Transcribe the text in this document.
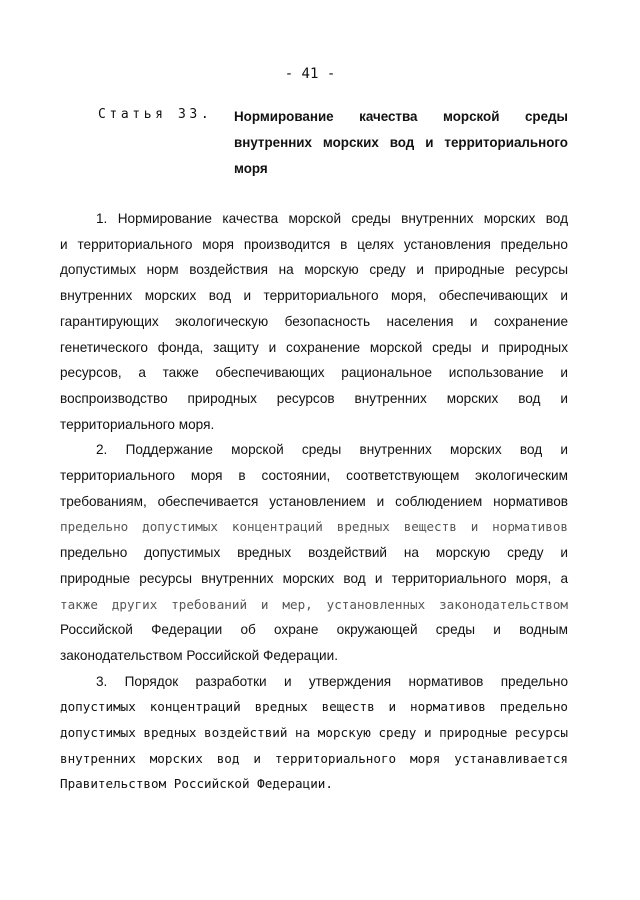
- 41 -
Статья 33. Нормирование качества морской среды
внутренних морских вод и территориального
моря
1. Нормирование качества морской среды внутренних морских вод
и территориального моря производится в целях установления предельно
допустимых норм воздействия на морскую среду и природные ресурсы
внутренних морских вод и территориального моря, обеспечивающих и
гарантирующих экологическую безопасность населения и сохранение
генетического фонда, защиту и сохранение морской среды и природных
ресурсов, а также обеспечивающих рациональное использование и
воспроизводство природных ресурсов внутренних морских вод и
территориального моря.
2. Поддержание морской среды внутренних морских вод и
территориального моря в состоянии, соответствующем экологическим
требованиям, обеспечивается установлением и соблюдением нормативов
предельно допустимых концентраций вредных веществ и нормативов
предельно допустимых вредных воздействий на морскую среду и
природные ресурсы внутренних морских вод и территориального моря, а
также других требований и мер, установленных законодательством
Российской Федерации об охране окружающей среды и водным
законодательством Российской Федерации.
3. Порядок разработки и утверждения нормативов предельно
допустимых концентраций вредных веществ и нормативов предельно
допустимых вредных воздействий на морскую среду и природные ресурсы
внутренних морских вод и территориального моря устанавливается
Правительством Российской Федерации.
